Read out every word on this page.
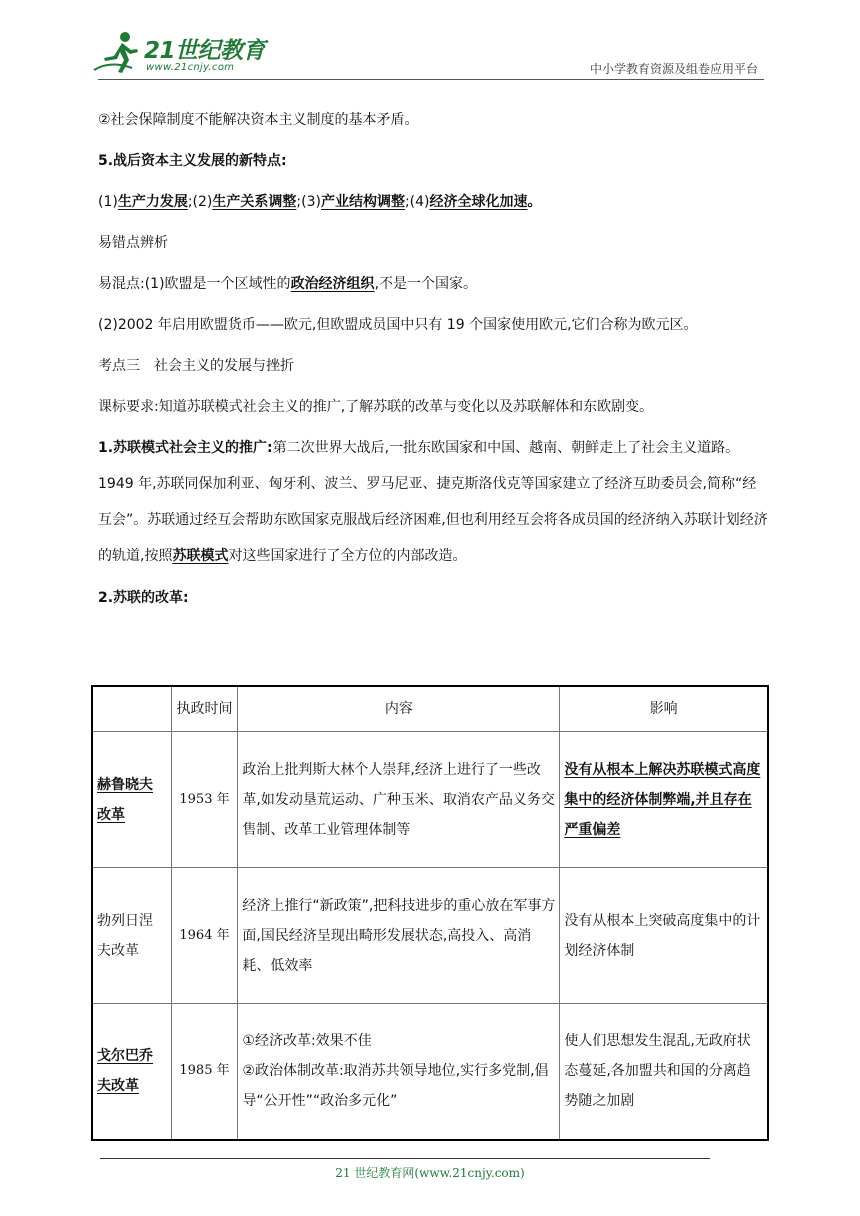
21世纪教育
www.21cnjy.com	中小学教育资源及组卷应用平台

②社会保障制度不能解决资本主义制度的基本矛盾。

5.战后资本主义发展的新特点:

(1)生产力发展;(2)生产关系调整;(3)产业结构调整;(4)经济全球化加速。

易错点辨析

易混点:(1)欧盟是一个区域性的政治经济组织,不是一个国家。

(2)2002 年启用欧盟货币——欧元,但欧盟成员国中只有 19 个国家使用欧元,它们合称为欧元区。

考点三　社会主义的发展与挫折

课标要求:知道苏联模式社会主义的推广,了解苏联的改革与变化以及苏联解体和东欧剧变。

1.苏联模式社会主义的推广:第二次世界大战后,一批东欧国家和中国、越南、朝鲜走上了社会主义道路。1949 年,苏联同保加利亚、匈牙利、波兰、罗马尼亚、捷克斯洛伐克等国家建立了经济互助委员会,简称“经互会”。苏联通过经互会帮助东欧国家克服战后经济困难,但也利用经互会将各成员国的经济纳入苏联计划经济的轨道,按照苏联模式对这些国家进行了全方位的内部改造。

2.苏联的改革:

	执政时间	内容	影响
赫鲁晓夫改革	1953 年	政治上批判斯大林个人崇拜,经济上进行了一些改革,如发动垦荒运动、广种玉米、取消农产品义务交售制、改革工业管理体制等	没有从根本上解决苏联模式高度集中的经济体制弊端,并且存在严重偏差
勃列日涅夫改革	1964 年	经济上推行“新政策”,把科技进步的重心放在军事方面,国民经济呈现出畸形发展状态,高投入、高消耗、低效率	没有从根本上突破高度集中的计划经济体制
戈尔巴乔夫改革	1985 年	①经济改革:效果不佳
②政治体制改革:取消苏共领导地位,实行多党制,倡导“公开性”“政治多元化”	使人们思想发生混乱,无政府状态蔓延,各加盟共和国的分离趋势随之加剧
21 世纪教育网(www.21cnjy.com)
